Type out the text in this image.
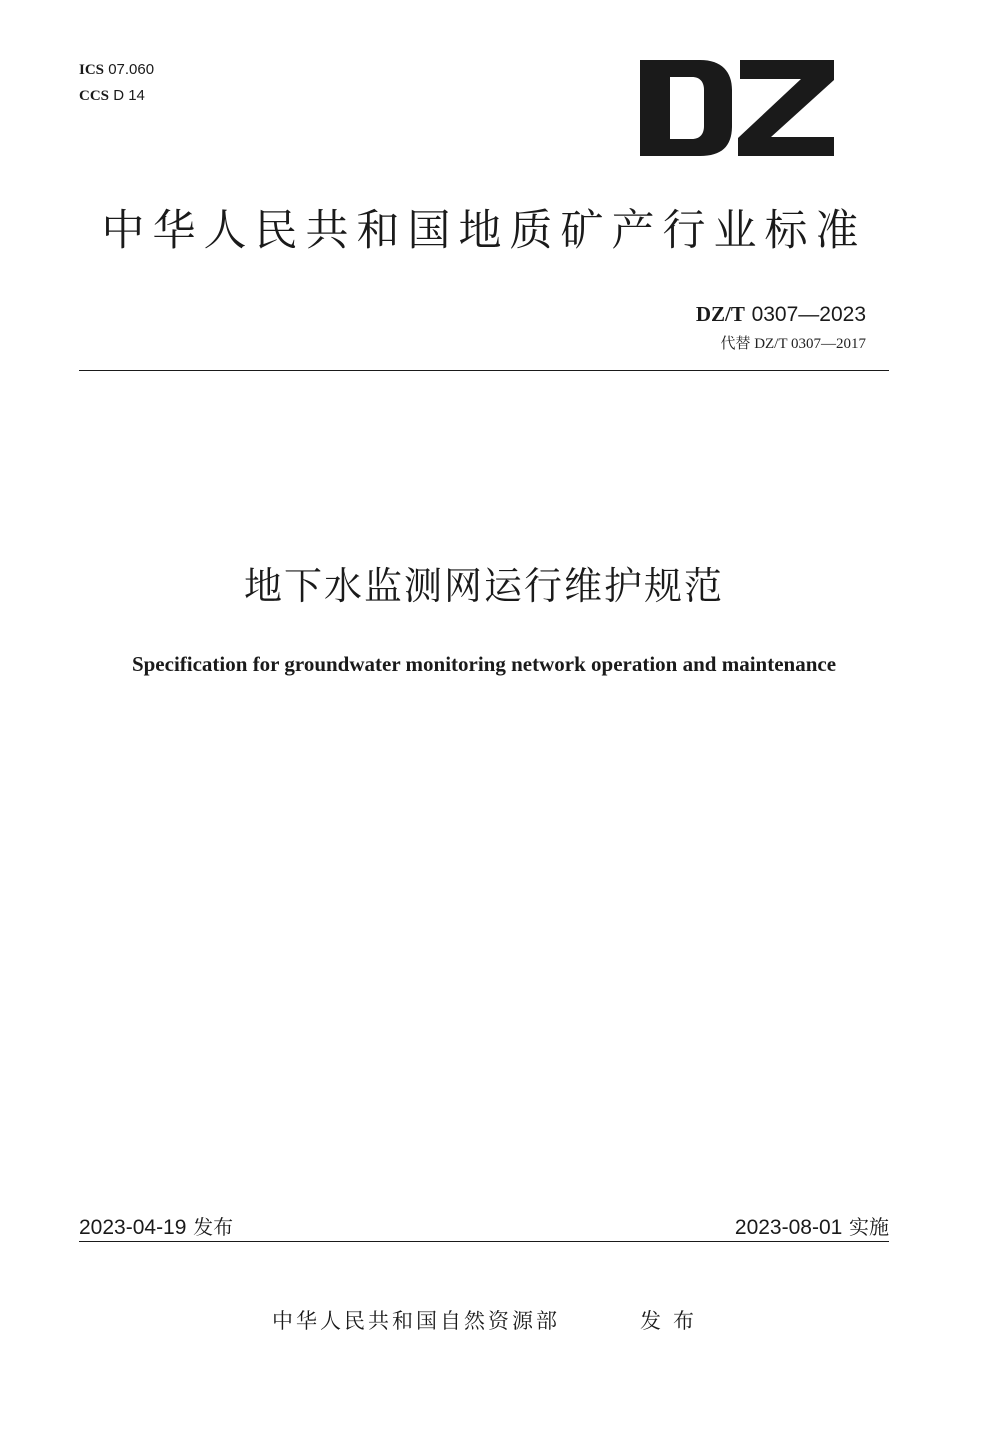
ICS 07.060
CCS D 14
中华人民共和国地质矿产行业标准
DZ/T 0307—2023
代替 DZ/T 0307—2017
地下水监测网运行维护规范
Specification for groundwater monitoring network operation and maintenance
2023-04-19 发布	2023-08-01 实施
中华人民共和国自然资源部	发布
